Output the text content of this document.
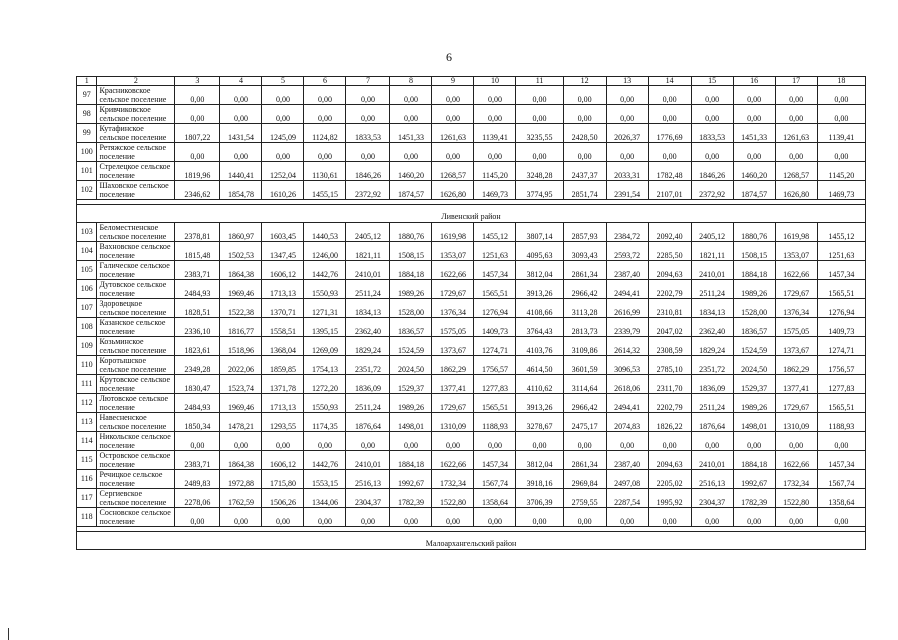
6
1	2	3	4	5	6	7	8	9	10	11	12	13	14	15	16	17	18
97	Красниковское сельское поселение	0,00	0,00	0,00	0,00	0,00	0,00	0,00	0,00	0,00	0,00	0,00	0,00	0,00	0,00	0,00	0,00
98	Кривчиковское сельское поселение	0,00	0,00	0,00	0,00	0,00	0,00	0,00	0,00	0,00	0,00	0,00	0,00	0,00	0,00	0,00	0,00
99	Кутафинское сельское поселение	1807,22	1431,54	1245,09	1124,82	1833,53	1451,33	1261,63	1139,41	3235,55	2428,50	2026,37	1776,69	1833,53	1451,33	1261,63	1139,41
100	Ретяжское сельское поселение	0,00	0,00	0,00	0,00	0,00	0,00	0,00	0,00	0,00	0,00	0,00	0,00	0,00	0,00	0,00	0,00
101	Стрелецкое сельское поселение	1819,96	1440,41	1252,04	1130,61	1846,26	1460,20	1268,57	1145,20	3248,28	2437,37	2033,31	1782,48	1846,26	1460,20	1268,57	1145,20
102	Шаховское сельское поселение	2346,62	1854,78	1610,26	1455,15	2372,92	1874,57	1626,80	1469,73	3774,95	2851,74	2391,54	2107,01	2372,92	1874,57	1626,80	1469,73

Ливенский район																	
103	Беломестненское сельское поселение	2378,81	1860,97	1603,45	1440,53	2405,12	1880,76	1619,98	1455,12	3807,14	2857,93	2384,72	2092,40	2405,12	1880,76	1619,98	1455,12
104	Вахновское сельское поселение	1815,48	1502,53	1347,45	1246,00	1821,11	1508,15	1353,07	1251,63	4095,63	3093,43	2593,72	2285,50	1821,11	1508,15	1353,07	1251,63
105	Галическое сельское поселение	2383,71	1864,38	1606,12	1442,76	2410,01	1884,18	1622,66	1457,34	3812,04	2861,34	2387,40	2094,63	2410,01	1884,18	1622,66	1457,34
106	Дутовское сельское поселение	2484,93	1969,46	1713,13	1550,93	2511,24	1989,26	1729,67	1565,51	3913,26	2966,42	2494,41	2202,79	2511,24	1989,26	1729,67	1565,51
107	Здоровецкое сельское поселение	1828,51	1522,38	1370,71	1271,31	1834,13	1528,00	1376,34	1276,94	4108,66	3113,28	2616,99	2310,81	1834,13	1528,00	1376,34	1276,94
108	Казанское сельское поселение	2336,10	1816,77	1558,51	1395,15	2362,40	1836,57	1575,05	1409,73	3764,43	2813,73	2339,79	2047,02	2362,40	1836,57	1575,05	1409,73
109	Козьминское сельское поселение	1823,61	1518,96	1368,04	1269,09	1829,24	1524,59	1373,67	1274,71	4103,76	3109,86	2614,32	2308,59	1829,24	1524,59	1373,67	1274,71
110	Коротышское сельское поселение	2349,28	2022,06	1859,85	1754,13	2351,72	2024,50	1862,29	1756,57	4614,50	3601,59	3096,53	2785,10	2351,72	2024,50	1862,29	1756,57
111	Крутовское сельское поселение	1830,47	1523,74	1371,78	1272,20	1836,09	1529,37	1377,41	1277,83	4110,62	3114,64	2618,06	2311,70	1836,09	1529,37	1377,41	1277,83
112	Лютовское сельское поселение	2484,93	1969,46	1713,13	1550,93	2511,24	1989,26	1729,67	1565,51	3913,26	2966,42	2494,41	2202,79	2511,24	1989,26	1729,67	1565,51
113	Навесненское сельское поселение	1850,34	1478,21	1293,55	1174,35	1876,64	1498,01	1310,09	1188,93	3278,67	2475,17	2074,83	1826,22	1876,64	1498,01	1310,09	1188,93
114	Никольское сельское поселение	0,00	0,00	0,00	0,00	0,00	0,00	0,00	0,00	0,00	0,00	0,00	0,00	0,00	0,00	0,00	0,00
115	Островское сельское поселение	2383,71	1864,38	1606,12	1442,76	2410,01	1884,18	1622,66	1457,34	3812,04	2861,34	2387,40	2094,63	2410,01	1884,18	1622,66	1457,34
116	Речицкое сельское поселение	2489,83	1972,88	1715,80	1553,15	2516,13	1992,67	1732,34	1567,74	3918,16	2969,84	2497,08	2205,02	2516,13	1992,67	1732,34	1567,74
117	Сергиевское сельское поселение	2278,06	1762,59	1506,26	1344,06	2304,37	1782,39	1522,80	1358,64	3706,39	2759,55	2287,54	1995,92	2304,37	1782,39	1522,80	1358,64
118	Сосновское сельское поселение	0,00	0,00	0,00	0,00	0,00	0,00	0,00	0,00	0,00	0,00	0,00	0,00	0,00	0,00	0,00	0,00

Малоархангельский район																	
